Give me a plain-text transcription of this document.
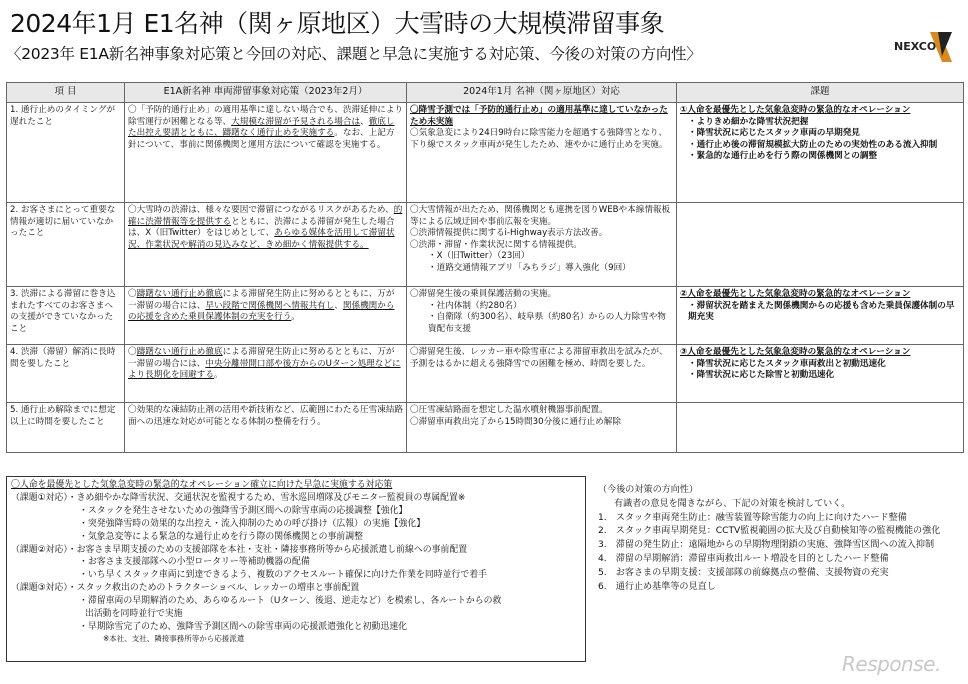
2024年1月 E1名神（関ヶ原地区）大雪時の大規模滞留事象
〈2023年 E1A新名神事象対応策と今回の対応、課題と早急に実施する対応策、今後の対策の方向性〉	NEXCO
項 目	E1A新名神 車両滞留事象対応策（2023年2月）	2024年1月 名神（関ヶ原地区）対応	課題
1. 通行止めのタイミングが遅れたこと	〇「予防的通行止め」の適用基準に達しない場合でも、渋滞延伸により除雪運行が困難となる等、大規模な滞留が予見される場合は、徹底した出控え要請とともに、躊躇なく通行止めを実施する。なお、上記方針について、事前に関係機関と運用方法について確認を実施する。	〇降雪予測では「予防的通行止め」の適用基準に達していなかったため未実施
〇気象急変により24日9時台に除雪能力を超過する強降雪となり、下り線でスタック車両が発生したため、速やかに通行止めを実施。	①人命を最優先とした気象急変時の緊急的なオペレーション
・よりきめ細かな降雪状況把握
・降雪状況に応じたスタック車両の早期発見
・通行止め後の滞留規模拡大防止のための実効性のある流入抑制
・緊急的な通行止めを行う際の関係機関との調整

2. お客さまにとって重要な情報が適切に届いていなかったこと	〇大雪時の渋滞は、様々な要因で滞留につながるリスクがあるため、的確に渋滞情報等を提供するとともに、渋滞による滞留が発生した場合は、X（旧Twitter）をはじめとして、あらゆる媒体を活用して滞留状況、作業状況や解消の見込みなど、きめ細かく情報提供する。	〇大雪情報が出たため、関係機関とも連携を図りWEBや本線情報板等による広域迂回や事前広報を実施。
〇渋滞情報提供に関するi-Highway表示方法改善。
〇渋滞・滞留・作業状況に関する情報提供。
・X（旧Twitter）（23回）
・道路交通情報アプリ「みちラジ」導入強化（9回）	

3. 渋滞による滞留に巻き込まれたすべてのお客さまへの支援ができていなかったこと	〇躊躇ない通行止め徹底による滞留発生防止に努めるとともに、万が一滞留の場合には、早い段階で関係機関へ情報共有し、関係機関からの応援を含めた乗員保護体制の充実を行う。	〇滞留発生後の乗員保護活動の実施。
・社内体制（約280名）
・自衛隊（約300名）、岐阜県（約80名）からの人力除雪や物資配布支援	②人命を最優先とした気象急変時の緊急的なオペレーション
・滞留状況を踏まえた関係機関からの応援も含めた乗員保護体制の早期充実

4. 渋滞（滞留）解消に長時間を要したこと	〇躊躇ない通行止め徹底による滞留発生防止に努めるとともに、万が一滞留の場合には、中央分離帯開口部や後方からのUターン処理などにより長期化を回避する。	〇滞留発生後、レッカー車や除雪車による滞留車救出を試みたが、予測をはるかに超える強降雪での困難を極め、時間を要した。	③人命を最優先とした気象急変時の緊急的なオペレーション
・降雪状況に応じたスタック車両救出と初動迅速化
・降雪状況に応じた除雪と初動迅速化

5. 通行止め解除までに想定以上に時間を要したこと	〇効果的な凍結防止剤の活用や新技術など、広範囲にわたる圧雪凍結路面への迅速な対応が可能となる体制の整備を行う。	〇圧雪凍結路面を想定した温水噴射機器事前配置。
〇滞留車両救出完了から15時間30分後に通行止め解除	

〇人命を最優先とした気象急変時の緊急的なオペレーション確立に向けた早急に実施する対応策
（課題①対応）・きめ細やかな降雪状況、交通状況を監視するため、雪氷巡回増隊及びモニター監視員の専属配置※
・スタックを発生させないための強降雪予測区間への除雪車両の応援調整【強化】
・突発強降雪時の効果的な出控え・流入抑制のための呼び掛け（広報）の実施【強化】
・気象急変等による緊急的な通行止めを行う際の関係機関との事前調整
（課題②対応）・お客さま早期支援のための支援部隊を本社・支社・隣接事務所等から応援派遣し前線への事前配置
・お客さま支援部隊への小型ロータリー等補助機器の配備
・いち早くスタック車両に到達できるよう、複数のアクセスルート確保に向けた作業を同時並行で着手
（課題③対応）・スタック救出のためのトラクターショベル、レッカーの増車と事前配置
・滞留車両の早期解消のため、あらゆるルート（Uターン、後退、逆走など）を模索し、各ルートからの救
出活動を同時並行で実施
・早期除雪完了のため、強降雪予測区間への除雪車両の応援派遣強化と初動迅速化
※本社、支社、隣接事務所等から応援派遣
（今後の対策の方向性）
有識者の意見を聞きながら、下記の対策を検討していく。
1.　スタック車両発生防止：融雪装置等除雪能力の向上に向けたハード整備
2.　スタック車両早期発見：CCTV監視範囲の拡大及び自動検知等の監視機能の強化
3.　滞留の発生防止：遠隔地からの早期物理閉鎖の実施、強降雪区間への流入抑制
4.　滞留の早期解消：滞留車両救出ルート増設を目的としたハード整備
5.　お客さまの早期支援：支援部隊の前線拠点の整備、支援物資の充実
6.　通行止め基準等の見直し
Response.
